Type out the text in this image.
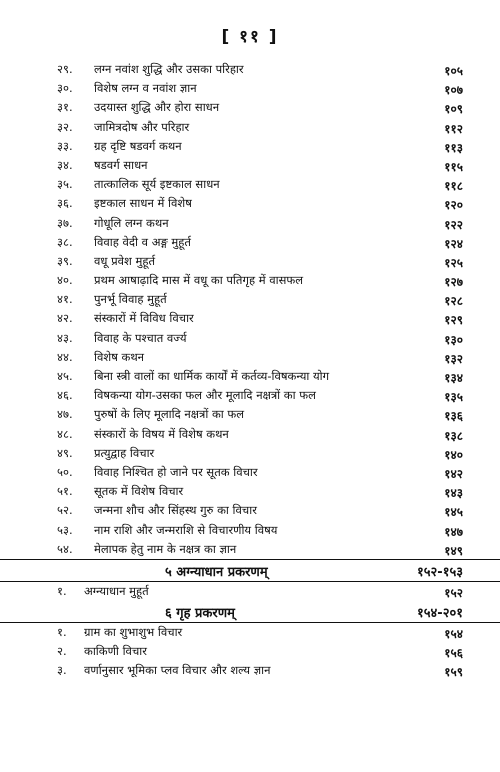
[ ११ ]
२९. लग्न नवांश शुद्धि और उसका परिहार	१०५
३०. विशेष लग्न व नवांश ज्ञान	१०७
३१. उदयास्त शुद्धि और होरा साधन	१०९
३२. जामित्रदोष और परिहार	११२
३३. ग्रह दृष्टि षडवर्ग कथन	११३
३४. षडवर्ग साधन	११५
३५. तात्कालिक सूर्य इष्टकाल साधन	११८
३६. इष्टकाल साधन में विशेष	१२०
३७. गोधूलि लग्न कथन	१२२
३८. विवाह वेदी व अङ्ग मुहूर्त	१२४
३९. वधू प्रवेश मुहूर्त	१२५
४०. प्रथम आषाढ़ादि मास में वधू का पतिगृह में वासफल	१२७
४१. पुनर्भू विवाह मुहूर्त	१२८
४२. संस्कारों में विविध विचार	१२९
४३. विवाह के पश्चात वर्ज्य	१३०
४४. विशेष कथन	१३२
४५. बिना स्त्री वालों का धार्मिक कार्यों में कर्तव्य-विषकन्या योग	१३४
४६. विषकन्या योग-उसका फल और मूलादि नक्षत्रों का फल	१३५
४७. पुरुषों के लिए मूलादि नक्षत्रों का फल	१३६
४८. संस्कारों के विषय में विशेष कथन	१३८
४९. प्रत्युद्वाह विचार	१४०
५०. विवाह निश्चित हो जाने पर सूतक विचार	१४२
५१. सूतक में विशेष विचार	१४३
५२. जन्मना शौच और सिंहस्थ गुरु का विचार	१४५
५३. नाम राशि और जन्मराशि से विचारणीय विषय	१४७
५४. मेलापक हेतु नाम के नक्षत्र का ज्ञान	१४९
५ अग्न्याधान प्रकरणम्	१५२-१५३
१. अग्न्याधान मुहूर्त	१५२
६ गृह प्रकरणम्	१५४-२०१
१. ग्राम का शुभाशुभ विचार	१५४
२. काकिणी विचार	१५६
३. वर्णानुसार भूमिका प्लव विचार और शल्य ज्ञान	१५९
